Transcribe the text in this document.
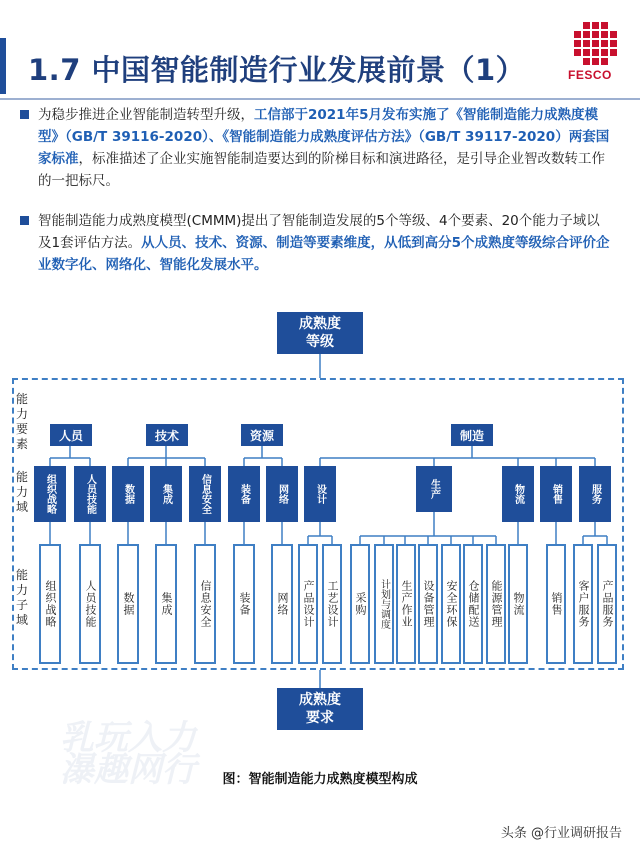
1.7 中国智能制造行业发展前景（1）	FESCO
为稳步推进企业智能制造转型升级，工信部于2021年5月发布实施了《智能制造能力成熟度模型》（GB/T 39116-2020）、《智能制造能力成熟度评估方法》（GB/T 39117-2020）两套国家标准，标准描述了企业实施智能制造要达到的阶梯目标和演进路径，是引导企业智改数转工作的一把标尺。
智能制造能力成熟度模型(CMMM)提出了智能制造发展的5个等级、4个要素、20个能力子域以及1套评估方法。从人员、技术、资源、制造等要素维度，从低到高分5个成熟度等级综合评价企业数字化、网络化、智能化发展水平。
成熟度
等级
能力要素
能力域
能力子域
人员	技术	资源	制造
组织战略	人员技能	数据	集成	信息安全	装备	网络	设计	生产	物流	销售	服务
组织战略	人员技能	数据	集成	信息安全	装备	网络	产品设计	工艺设计	采购	计划与调度 生产作业 设备管理 安全环保 仓储配送 能源管理 物流	销售	客户服务	产品服务
成熟度
要求
图：智能制造能力成熟度模型构成
乳玩入力
瀑趣网行
头条 @行业调研报告
